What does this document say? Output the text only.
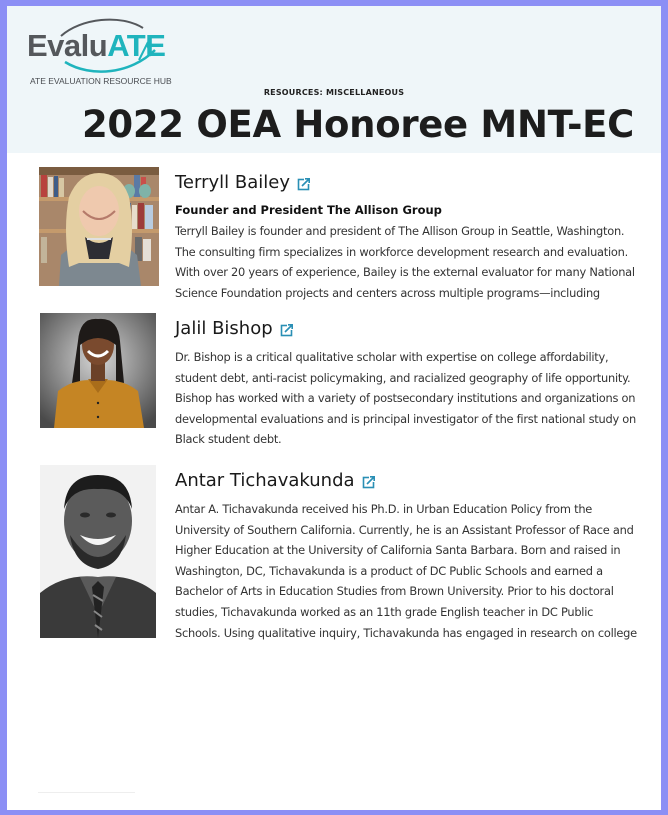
EvaluATE
ATE EVALUATION RESOURCE HUB
RESOURCES: MISCELLANEOUS
2022 OEA Honoree MNT-EC
Terryll Bailey
Founder and President The Allison Group
Terryll Bailey is founder and president of The Allison Group in Seattle, Washington.
The consulting firm specializes in workforce development research and evaluation.
With over 20 years of experience, Bailey is the external evaluator for many National
Science Foundation projects and centers across multiple programs—including
Jalil Bishop
Dr. Bishop is a critical qualitative scholar with expertise on college affordability,
student debt, anti-racist policymaking, and racialized geography of life opportunity.
Bishop has worked with a variety of postsecondary institutions and organizations on
developmental evaluations and is principal investigator of the first national study on
Black student debt.
Antar Tichavakunda
Antar A. Tichavakunda received his Ph.D. in Urban Education Policy from the
University of Southern California. Currently, he is an Assistant Professor of Race and
Higher Education at the University of California Santa Barbara. Born and raised in
Washington, DC, Tichavakunda is a product of DC Public Schools and earned a
Bachelor of Arts in Education Studies from Brown University. Prior to his doctoral
studies, Tichavakunda worked as an 11th grade English teacher in DC Public
Schools. Using qualitative inquiry, Tichavakunda has engaged in research on college
